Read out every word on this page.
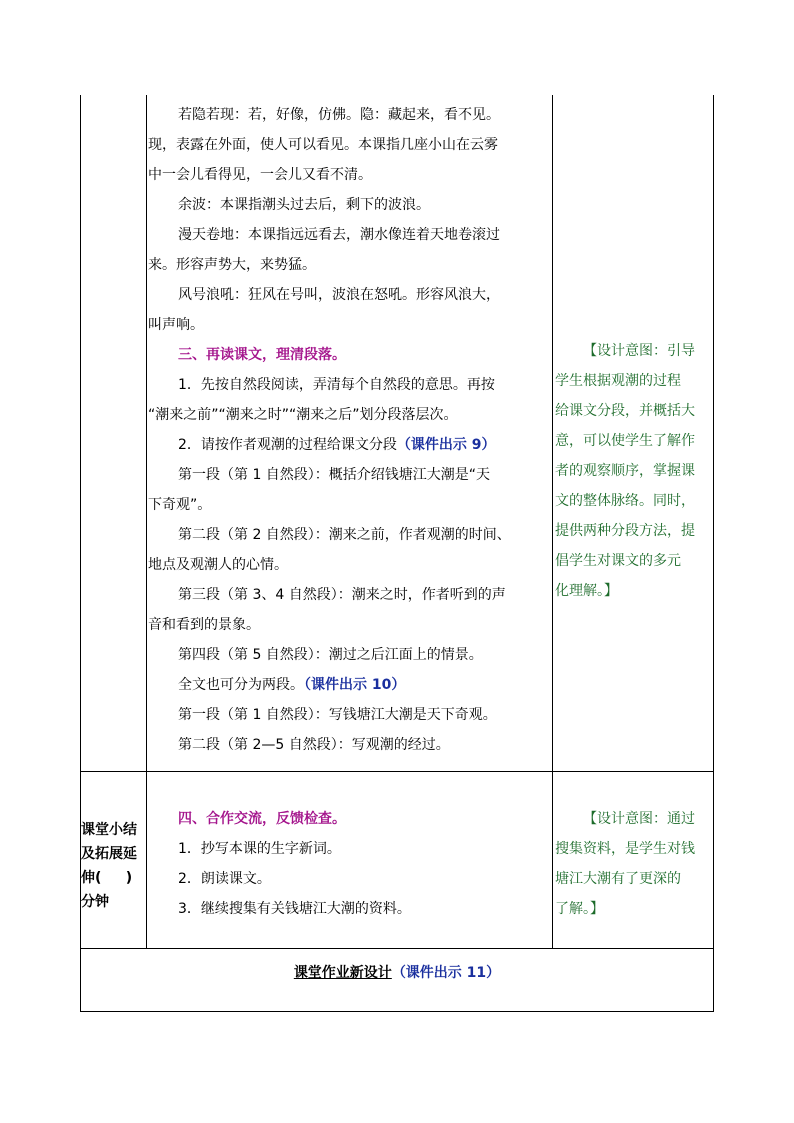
若隐若现：若，好像，仿佛。隐：藏起来，看不见。

现，表露在外面，使人可以看见。本课指几座小山在云雾

中一会儿看得见，一会儿又看不清。

余波：本课指潮头过去后，剩下的波浪。

漫天卷地：本课指远远看去，潮水像连着天地卷滚过

来。形容声势大，来势猛。

风号浪吼：狂风在号叫，波浪在怒吼。形容风浪大，

叫声响。

三、再读课文，理清段落。

1．先按自然段阅读，弄清每个自然段的意思。再按

“潮来之前”“潮来之时”“潮来之后”划分段落层次。

2．请按作者观潮的过程给课文分段（课件出示 9）

第一段（第 1 自然段）：概括介绍钱塘江大潮是“天

下奇观”。

第二段（第 2 自然段）：潮来之前，作者观潮的时间、

地点及观潮人的心情。

第三段（第 3、4 自然段）：潮来之时，作者听到的声

音和看到的景象。

第四段（第 5 自然段）：潮过之后江面上的情景。

全文也可分为两段。（课件出示 10）

第一段（第 1 自然段）：写钱塘江大潮是天下奇观。

第二段（第 2—5 自然段）：写观潮的经过。

【设计意图：引导
学生根据观潮的过程
给课文分段，并概括大
意，可以使学生了解作
者的观察顺序，掌握课
文的整体脉络。同时，
提供两种分段方法，提
倡学生对课文的多元
化理解。】
课堂小结
及拓展延
伸(     )
分钟

四、合作交流，反馈检查。

1．抄写本课的生字新词。

2．朗读课文。

3．继续搜集有关钱塘江大潮的资料。

【设计意图：通过
搜集资料，是学生对钱
塘江大潮有了更深的
了解。】
课堂作业新设计（课件出示 11）
